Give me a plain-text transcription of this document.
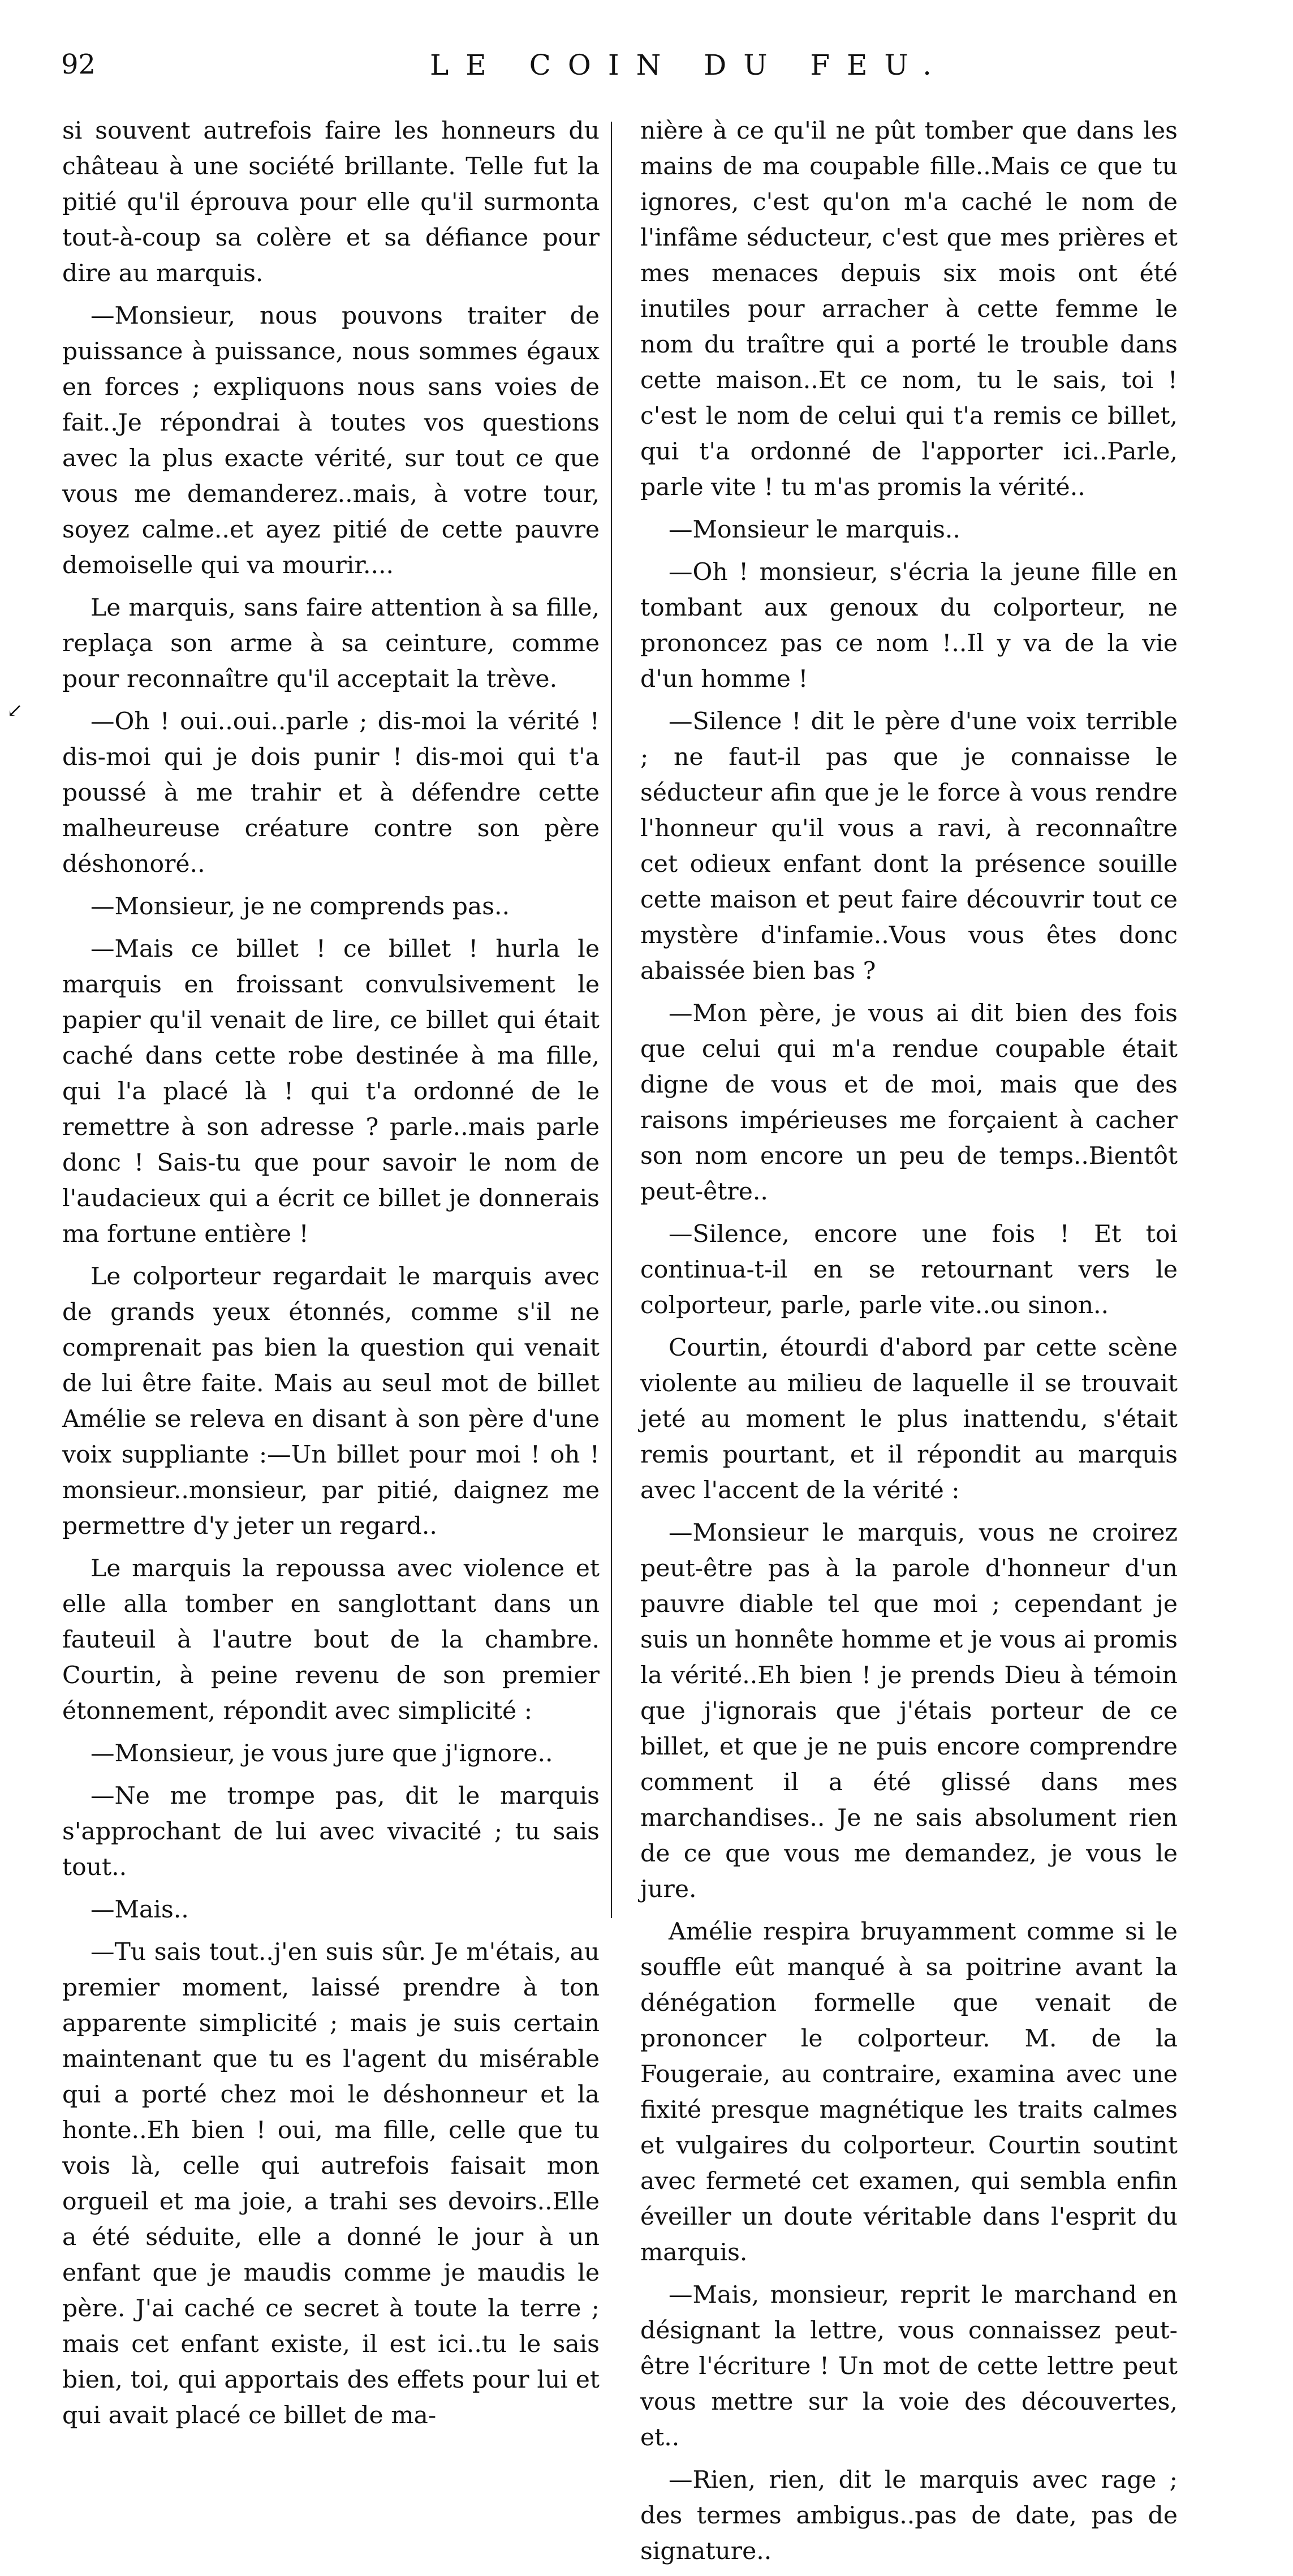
92	LE COIN DU FEU.
↙

si souvent autrefois faire les honneurs du château à une société brillante. Telle fut la pitié qu'il éprouva pour elle qu'il surmonta tout-à-coup sa colère et sa défiance pour dire au marquis.

—Monsieur, nous pouvons traiter de puissance à puissance, nous sommes égaux en forces ; expliquons nous sans voies de fait..Je répondrai à toutes vos questions avec la plus exacte vérité, sur tout ce que vous me demanderez..mais, à votre tour, soyez calme..et ayez pitié de cette pauvre demoiselle qui va mourir....

Le marquis, sans faire attention à sa fille, replaça son arme à sa ceinture, comme pour reconnaître qu'il acceptait la trève.

—Oh ! oui..oui..parle ; dis-moi la vérité ! dis-moi qui je dois punir ! dis-moi qui t'a poussé à me trahir et à défendre cette malheureuse créature contre son père déshonoré..

—Monsieur, je ne comprends pas..

—Mais ce billet ! ce billet ! hurla le marquis en froissant convulsivement le papier qu'il venait de lire, ce billet qui était caché dans cette robe destinée à ma fille, qui l'a placé là ! qui t'a ordonné de le remettre à son adresse ? parle..mais parle donc ! Sais-tu que pour savoir le nom de l'audacieux qui a écrit ce billet je donnerais ma fortune entière !

Le colporteur regardait le marquis avec de grands yeux étonnés, comme s'il ne comprenait pas bien la question qui venait de lui être faite. Mais au seul mot de billet Amélie se releva en disant à son père d'une voix suppliante :—Un billet pour moi ! oh ! monsieur..monsieur, par pitié, daignez me permettre d'y jeter un regard..

Le marquis la repoussa avec violence et elle alla tomber en sanglottant dans un fauteuil à l'autre bout de la chambre. Courtin, à peine revenu de son premier étonnement, répondit avec simplicité :

—Monsieur, je vous jure que j'ignore..

—Ne me trompe pas, dit le marquis s'approchant de lui avec vivacité ; tu sais tout..

—Mais..

—Tu sais tout..j'en suis sûr. Je m'étais, au premier moment, laissé prendre à ton apparente simplicité ; mais je suis certain maintenant que tu es l'agent du misérable qui a porté chez moi le déshonneur et la honte..Eh bien ! oui, ma fille, celle que tu vois là, celle qui autrefois faisait mon orgueil et ma joie, a trahi ses devoirs..Elle a été séduite, elle a donné le jour à un enfant que je maudis comme je maudis le père. J'ai caché ce secret à toute la terre ; mais cet enfant existe, il est ici..tu le sais bien, toi, qui apportais des effets pour lui et qui avait placé ce billet de ma-

nière à ce qu'il ne pût tomber que dans les mains de ma coupable fille..Mais ce que tu ignores, c'est qu'on m'a caché le nom de l'infâme séducteur, c'est que mes prières et mes menaces depuis six mois ont été inutiles pour arracher à cette femme le nom du traître qui a porté le trouble dans cette maison..Et ce nom, tu le sais, toi ! c'est le nom de celui qui t'a remis ce billet, qui t'a ordonné de l'apporter ici..Parle, parle vite ! tu m'as promis la vérité..

—Monsieur le marquis..

—Oh ! monsieur, s'écria la jeune fille en tombant aux genoux du colporteur, ne prononcez pas ce nom !..Il y va de la vie d'un homme !

—Silence ! dit le père d'une voix terrible ; ne faut-il pas que je connaisse le séducteur afin que je le force à vous rendre l'honneur qu'il vous a ravi, à reconnaître cet odieux enfant dont la présence souille cette maison et peut faire découvrir tout ce mystère d'infamie..Vous vous êtes donc abaissée bien bas ?

—Mon père, je vous ai dit bien des fois que celui qui m'a rendue coupable était digne de vous et de moi, mais que des raisons impérieuses me forçaient à cacher son nom encore un peu de temps..Bientôt peut-être..

—Silence, encore une fois ! Et toi continua-t-il en se retournant vers le colporteur, parle, parle vite..ou sinon..

Courtin, étourdi d'abord par cette scène violente au milieu de laquelle il se trouvait jeté au moment le plus inattendu, s'était remis pourtant, et il répondit au marquis avec l'accent de la vérité :

—Monsieur le marquis, vous ne croirez peut-être pas à la parole d'honneur d'un pauvre diable tel que moi ; cependant je suis un honnête homme et je vous ai promis la vérité..Eh bien ! je prends Dieu à témoin que j'ignorais que j'étais porteur de ce billet, et que je ne puis encore comprendre comment il a été glissé dans mes marchandises.. Je ne sais absolument rien de ce que vous me demandez, je vous le jure.

Amélie respira bruyamment comme si le souffle eût manqué à sa poitrine avant la dénégation formelle que venait de prononcer le colporteur. M. de la Fougeraie, au contraire, examina avec une fixité presque magnétique les traits calmes et vulgaires du colporteur. Courtin soutint avec fermeté cet examen, qui sembla enfin éveiller un doute véritable dans l'esprit du marquis.

—Mais, monsieur, reprit le marchand en désignant la lettre, vous connaissez peut-être l'écriture ! Un mot de cette lettre peut vous mettre sur la voie des découvertes, et..

—Rien, rien, dit le marquis avec rage ; des termes ambigus..pas de date, pas de signature..
